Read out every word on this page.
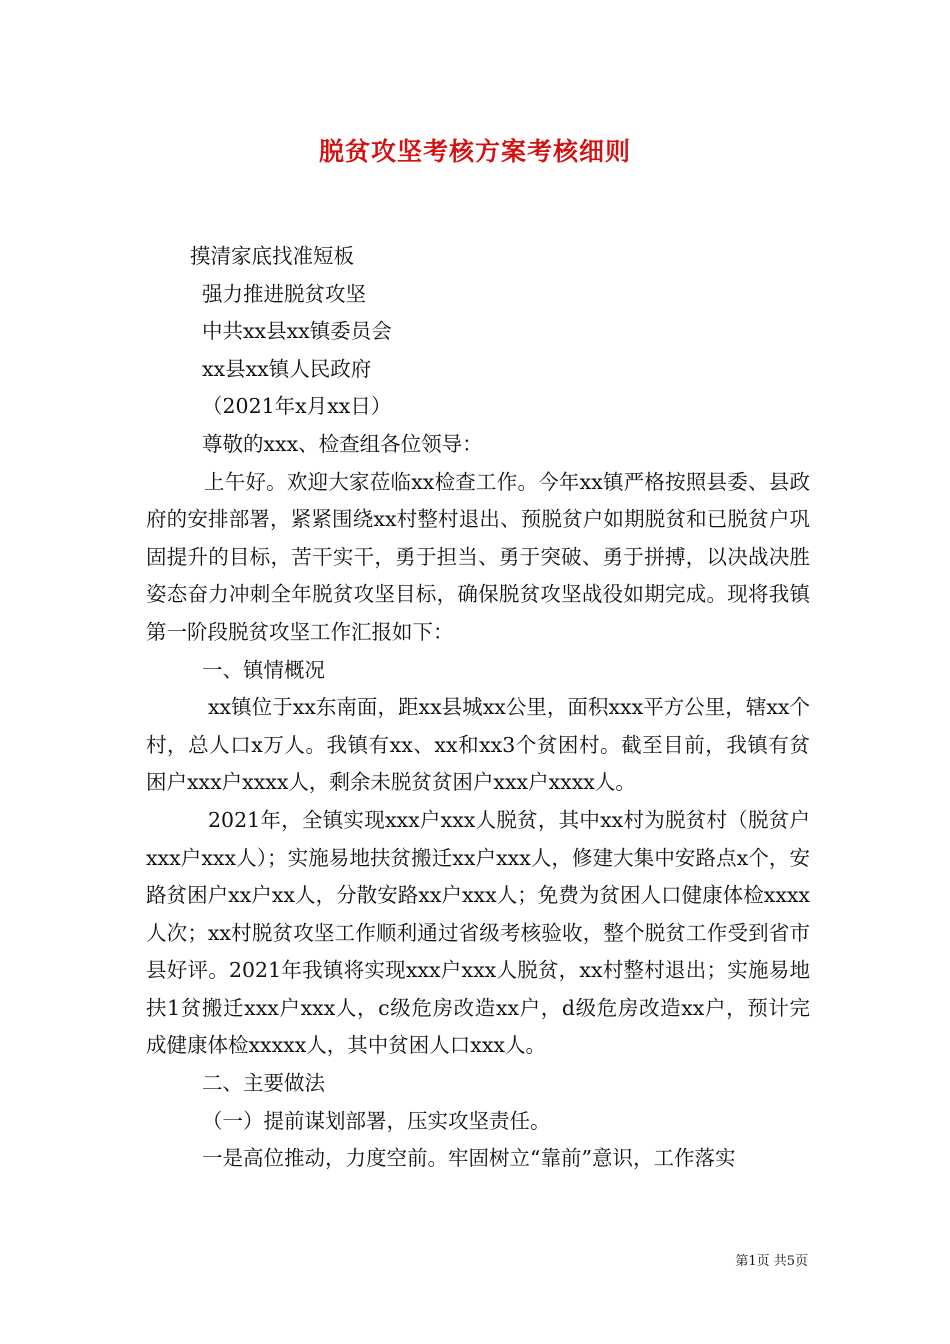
脱贫攻坚考核方案考核细则

摸清家底找准短板

强力推进脱贫攻坚

中共xx县xx镇委员会

xx县xx镇人民政府

（2021年x月xx日）

尊敬的xxx、检查组各位领导：

上午好。欢迎大家莅临xx检查工作。今年xx镇严格按照县委、县政府的安排部署，紧紧围绕xx村整村退出、预脱贫户如期脱贫和已脱贫户巩固提升的目标，苦干实干，勇于担当、勇于突破、勇于拼搏，以决战决胜姿态奋力冲刺全年脱贫攻坚目标，确保脱贫攻坚战役如期完成。现将我镇第一阶段脱贫攻坚工作汇报如下：

一、镇情概况

xx镇位于xx东南面，距xx县城xx公里，面积xxx平方公里，辖xx个村，总人口x万人。我镇有xx、xx和xx3个贫困村。截至目前，我镇有贫困户xxx户xxxx人，剩余未脱贫贫困户xxx户xxxx人。

2021年，全镇实现xxx户xxx人脱贫，其中xx村为脱贫村（脱贫户xxx户xxx人）；实施易地扶贫搬迁xx户xxx人，修建大集中安路点x个，安路贫困户xx户xx人，分散安路xx户xxx人；免费为贫困人口健康体检xxxx人次；xx村脱贫攻坚工作顺利通过省级考核验收，整个脱贫工作受到省市县好评。2021年我镇将实现xxx户xxx人脱贫，xx村整村退出；实施易地扶1贫搬迁xxx户xxx人，c级危房改造xx户，d级危房改造xx户，预计完成健康体检xxxxx人，其中贫困人口xxx人。

二、主要做法

（一）提前谋划部署，压实攻坚责任。

一是高位推动，力度空前。牢固树立“靠前”意识，工作落实

第1页 共5页
